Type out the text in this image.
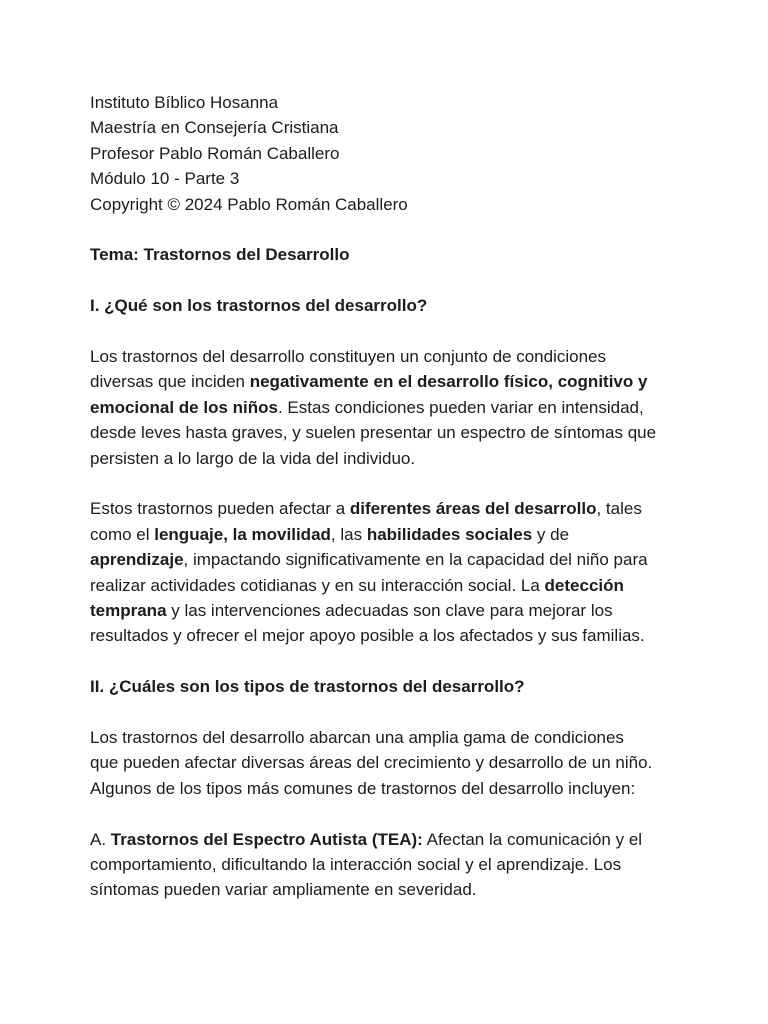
Instituto Bíblico Hosanna
Maestría en Consejería Cristiana
Profesor Pablo Román Caballero
Módulo 10 - Parte 3
Copyright © 2024 Pablo Román Caballero
Tema: Trastornos del Desarrollo
I. ¿Qué son los trastornos del desarrollo?
Los trastornos del desarrollo constituyen un conjunto de condiciones
diversas que inciden negativamente en el desarrollo físico, cognitivo y
emocional de los niños. Estas condiciones pueden variar en intensidad,
desde leves hasta graves, y suelen presentar un espectro de síntomas que
persisten a lo largo de la vida del individuo.
Estos trastornos pueden afectar a diferentes áreas del desarrollo, tales
como el lenguaje, la movilidad, las habilidades sociales y de
aprendizaje, impactando significativamente en la capacidad del niño para
realizar actividades cotidianas y en su interacción social. La detección
temprana y las intervenciones adecuadas son clave para mejorar los
resultados y ofrecer el mejor apoyo posible a los afectados y sus familias.
II. ¿Cuáles son los tipos de trastornos del desarrollo?
Los trastornos del desarrollo abarcan una amplia gama de condiciones
que pueden afectar diversas áreas del crecimiento y desarrollo de un niño.
Algunos de los tipos más comunes de trastornos del desarrollo incluyen:
A. Trastornos del Espectro Autista (TEA): Afectan la comunicación y el
comportamiento, dificultando la interacción social y el aprendizaje. Los
síntomas pueden variar ampliamente en severidad.
